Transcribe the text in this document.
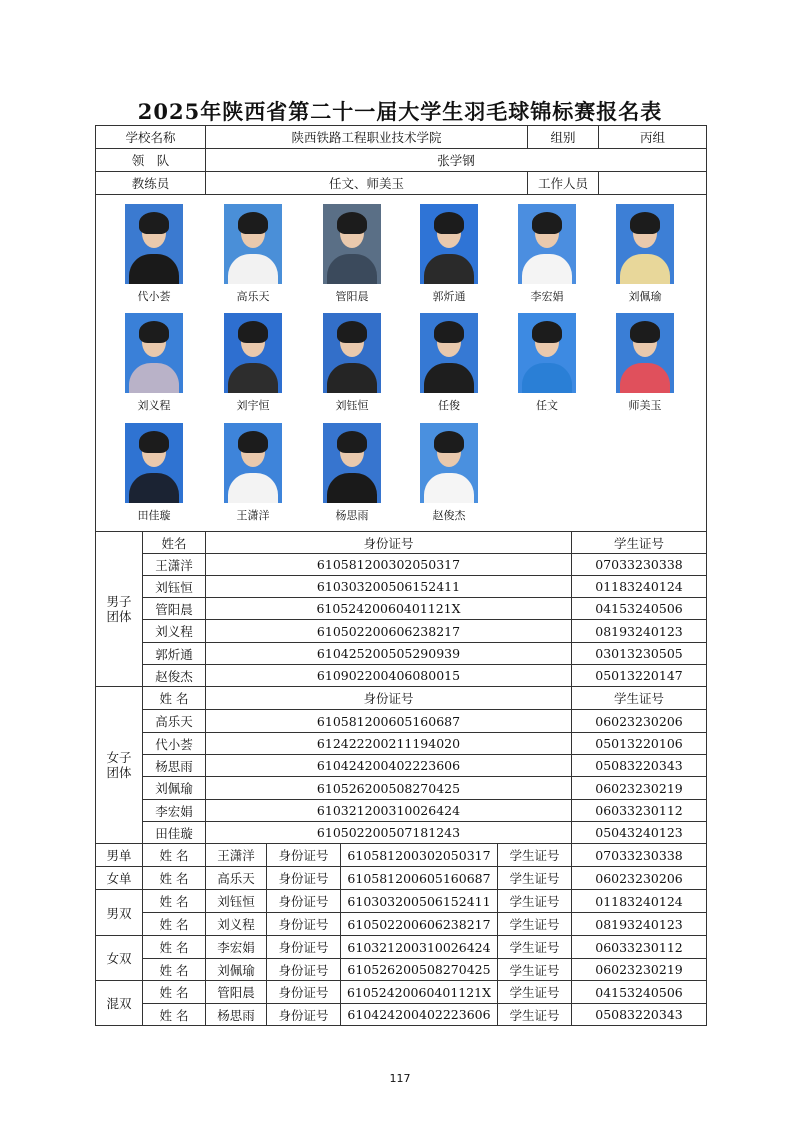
2025年陕西省第二十一届大学生羽毛球锦标赛报名表
学校名称	陕西铁路工程职业技术学院	组别	丙组
领　队	张学钢
教练员	任文、师美玉	工作人员
代小荟	高乐天	管阳晨	郭炘通	李宏娟	刘佩瑜
刘义程	刘宇恒	刘钰恒	任俊	任文	师美玉
田佳璇	王潇洋	杨思雨	赵俊杰
男子团体
姓名	身份证号	学生证号
王潇洋	610581200302050317	07033230338
刘钰恒	610303200506152411	01183240124
管阳晨	61052420060401121X	04153240506
刘义程	610502200606238217	08193240123
郭炘通	610425200505290939	03013230505
赵俊杰	610902200406080015	05013220147
女子团体
姓 名	身份证号	学生证号
高乐天	610581200605160687	06023230206
代小荟	612422200211194020	05013220106
杨思雨	610424200402223606	05083220343
刘佩瑜	610526200508270425	06023230219
李宏娟	610321200310026424	06033230112
田佳璇	610502200507181243	05043240123
男单	姓 名	王潇洋	身份证号	610581200302050317	学生证号	07033230338
女单	姓 名	高乐天	身份证号	610581200605160687	学生证号	06023230206
男双
姓 名	刘钰恒	身份证号	610303200506152411	学生证号	01183240124
姓 名	刘义程	身份证号	610502200606238217	学生证号	08193240123
女双
姓 名	李宏娟	身份证号	610321200310026424	学生证号	06033230112
姓 名	刘佩瑜	身份证号	610526200508270425	学生证号	06023230219
混双
姓 名	管阳晨	身份证号	61052420060401121X	学生证号	04153240506
姓 名	杨思雨	身份证号	610424200402223606	学生证号	05083220343
117
